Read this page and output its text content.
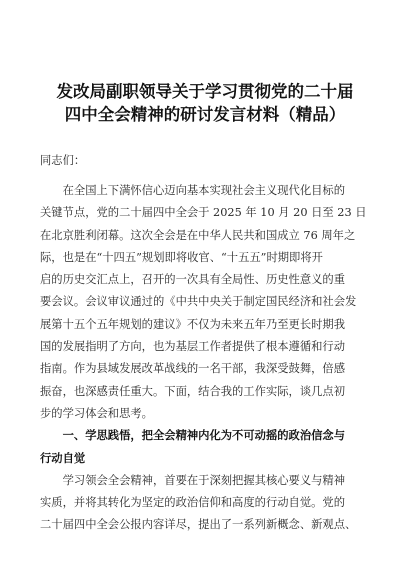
发改局副职领导关于学习贯彻党的二十届
四中全会精神的研讨发言材料（精品）
同志们：
　　在全国上下满怀信心迈向基本实现社会主义现代化目标的
关键节点，党的二十届四中全会于 2025 年 10 月 20 日至 23 日
在北京胜利闭幕。这次全会是在中华人民共和国成立 76 周年之
际，也是在“十四五”规划即将收官、“十五五”时期即将开
启的历史交汇点上，召开的一次具有全局性、历史性意义的重
要会议。会议审议通过的《中共中央关于制定国民经济和社会发
展第十五个五年规划的建议》不仅为未来五年乃至更长时期我
国的发展指明了方向，也为基层工作者提供了根本遵循和行动
指南。作为县域发展改革战线的一名干部，我深受鼓舞，倍感
振奋，也深感责任重大。下面，结合我的工作实际，谈几点初
步的学习体会和思考。
　　一、学思践悟，把全会精神内化为不可动摇的政治信念与
行动自觉
　　学习领会全会精神，首要在于深刻把握其核心要义与精神
实质，并将其转化为坚定的政治信仰和高度的行动自觉。党的
二十届四中全会公报内容详尽，提出了一系列新概念、新观点、
